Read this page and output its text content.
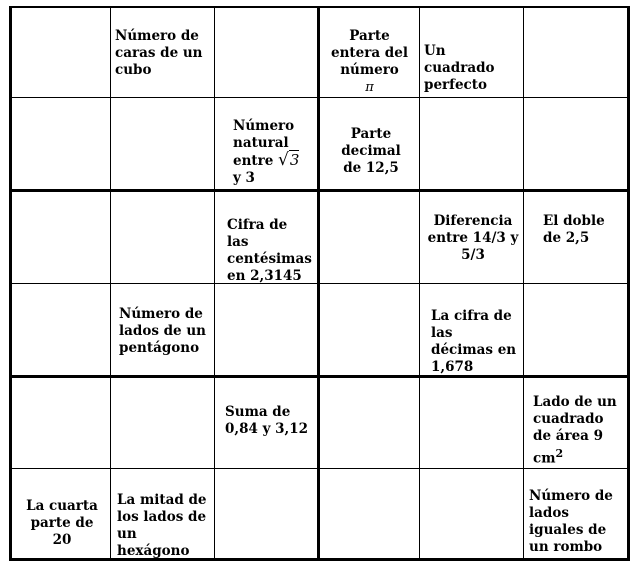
Número de caras de un cubo
Parte entera del número
π
Un cuadrado perfecto
Número natural entre √3
y 3
Parte decimal de 12,5
Cifra de las centésimas en 2,3145
Diferencia entre 14/3 y 5/3
El doble de 2,5
Número de lados de un pentágono
La cifra de las décimas en 1,678
Suma de 0,84 y 3,12
Lado de un cuadrado de área 9 $cm^2$
La cuarta parte de 20
La mitad de los lados de un hexágono
Número de lados iguales de un rombo
